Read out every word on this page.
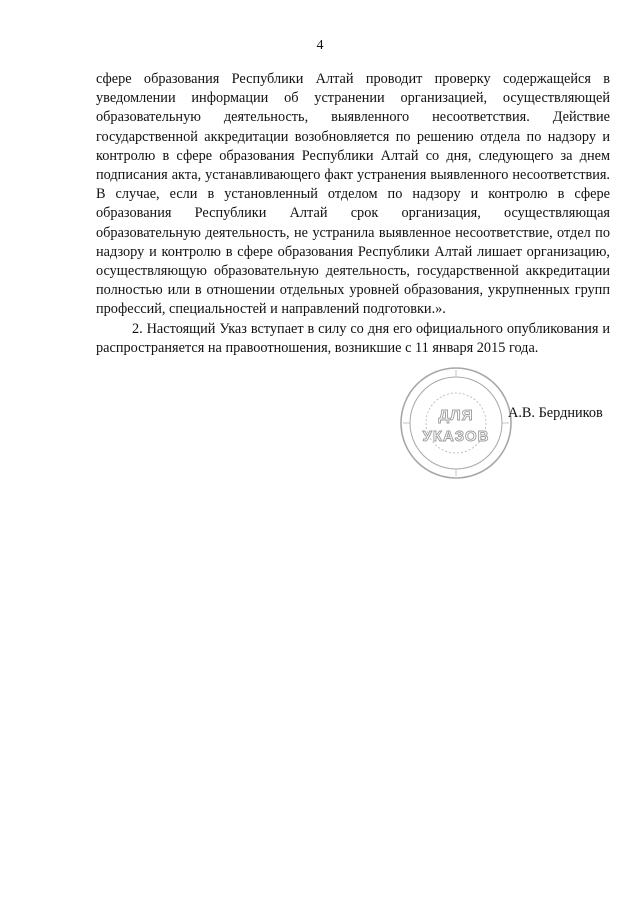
4

сфере образования Республики Алтай проводит проверку содержащейся в уведомлении информации об устранении организацией, осуществляющей образовательную деятельность, выявленного несоответствия. Действие государственной аккредитации возобновляется по решению отдела по надзору и контролю в сфере образования Республики Алтай со дня, следующего за днем подписания акта, устанавливающего факт устранения выявленного несоответствия. В случае, если в установленный отделом по надзору и контролю в сфере образования Республики Алтай срок организация, осуществляющая образовательную деятельность, не устранила выявленное несоответствие, отдел по надзору и контролю в сфере образования Республики Алтай лишает организацию, осуществляющую образовательную деятельность, государственной аккредитации полностью или в отношении отдельных уровней образования, укрупненных групп профессий, специальностей и направлений подготовки.».

2. Настоящий Указ вступает в силу со дня его официального опубликования и распространяется на правоотношения, возникшие с 11 января 2015 года.

ДЛЯ
УКАЗОВ
А.В. Бердников
